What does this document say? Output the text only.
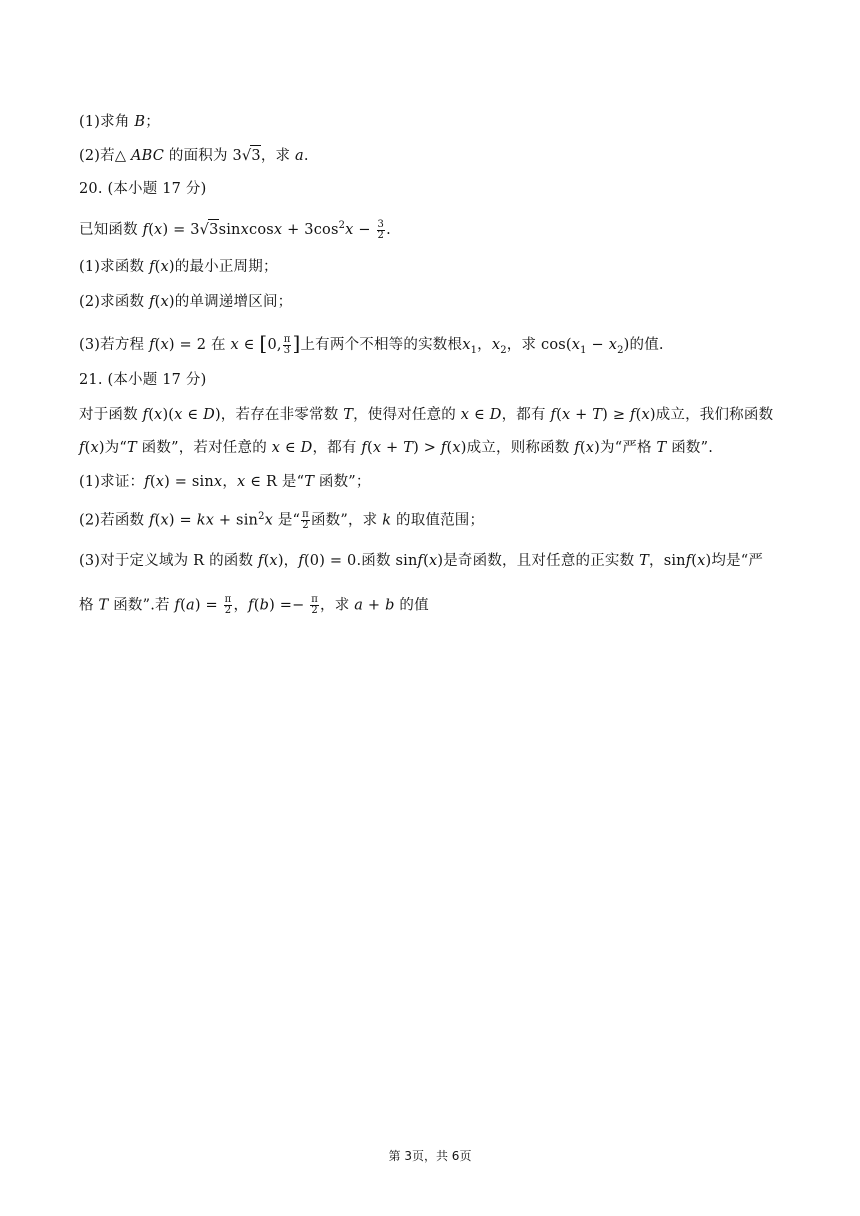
(1)求角 B；
(2)若△ ABC 的面积为 3√3，求 a.
20. (本小题 17 分)
已知函数 f(x) = 3√3sinxcosx + $3\cos^2x - \frac{3}{2}$ .
(1)求函数 f(x)的最小正周期；
(2)求函数 f(x)的单调递增区间；
(3)若方程 f(x) = 2 在 x ∈ [0, $\frac{\pi}{3}$ ]上有两个不相等的实数根$x_1$，$x_2$，求 $\cos(x_1 - x_2)$的值.
21. (本小题 17 分)
对于函数 f(x)(x ∈ D)，若存在非零常数 T，使得对任意的 x ∈ D，都有 f(x + T) ≥ f(x)成立，我们称函数
f(x)为“T 函数”，若对任意的 x ∈ D，都有 f(x + T) > f(x)成立，则称函数 f(x)为“严格 T 函数”.
(1)求证：f(x) = sinx，x ∈ R 是“T 函数”；
(2)若函数 f(x) = kx + $\sin^2x$ 是“ $\frac{\pi}{2}$ 函数”，求 k 的取值范围；
(3)对于定义域为 R 的函数 f(x)，f(0) = 0.函数 sinf(x)是奇函数，且对任意的正实数 T，sinf(x)均是“严
格 T 函数”.若 $f(a) = \frac{\pi}{2}$ ，$f(b) =- \frac{\pi}{2}$ ，求 a + b 的值
第 3页，共 6页
